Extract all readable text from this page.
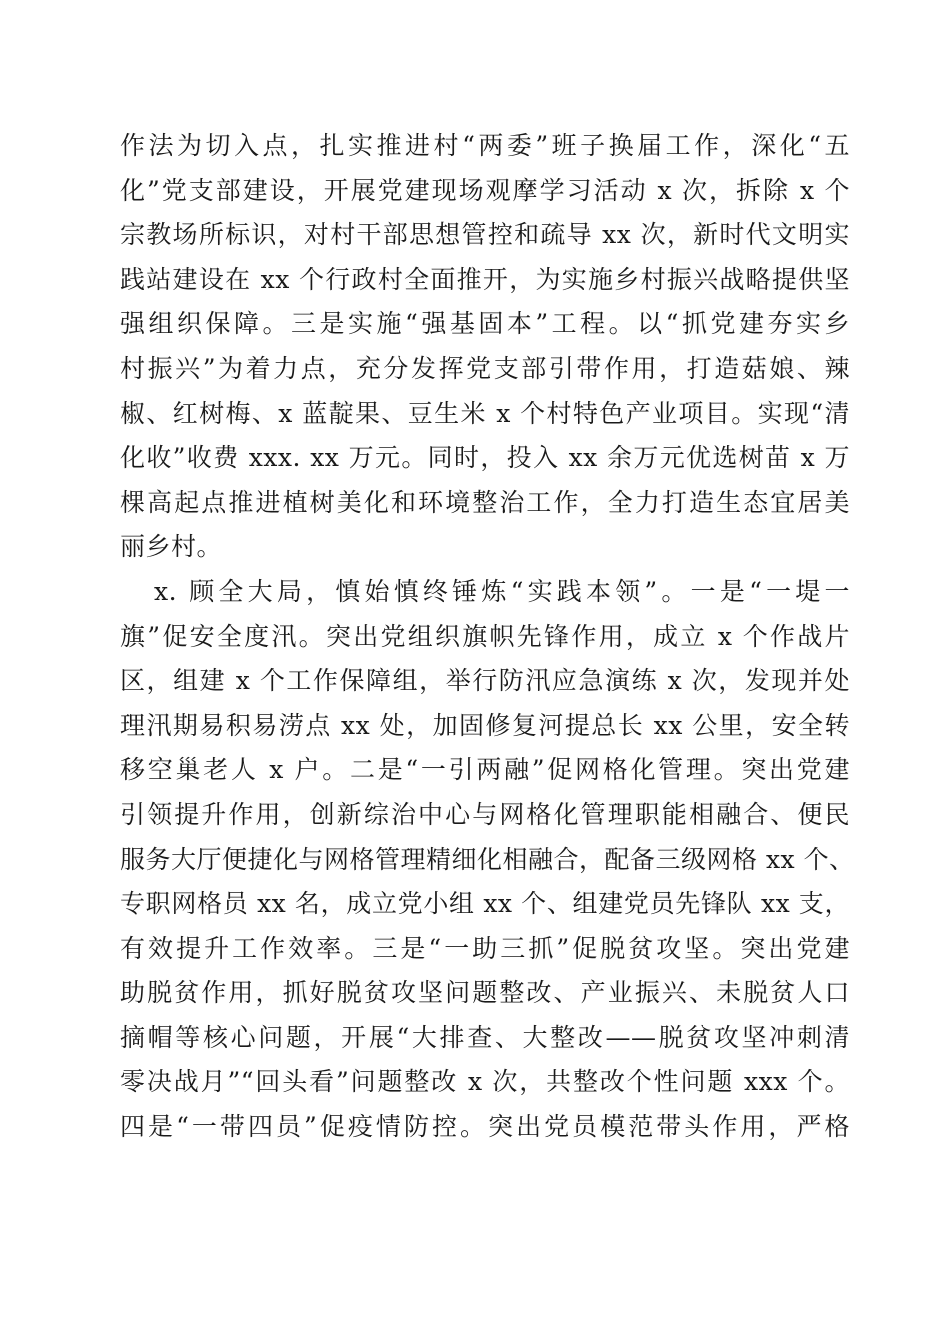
作法为切入点，扎实推进村“两委”班子换届工作，深化“五
化”党支部建设，开展党建现场观摩学习活动 x 次，拆除 x 个
宗教场所标识，对村干部思想管控和疏导 xx 次，新时代文明实
践站建设在 xx 个行政村全面推开，为实施乡村振兴战略提供坚
强组织保障。三是实施“强基固本”工程。以“抓党建夯实乡
村振兴”为着力点，充分发挥党支部引带作用，打造菇娘、辣
椒、红树梅、x 蓝靛果、豆生米 x 个村特色产业项目。实现“清
化收”收费 xxx. xx 万元。同时，投入 xx 余万元优选树苗 x 万
棵高起点推进植树美化和环境整治工作，全力打造生态宜居美
丽乡村。
x. 顾全大局，慎始慎终锤炼“实践本领”。一是“一堤一
旗”促安全度汛。突出党组织旗帜先锋作用，成立 x 个作战片
区，组建 x 个工作保障组，举行防汛应急演练 x 次，发现并处
理汛期易积易涝点 xx 处，加固修复河提总长 xx 公里，安全转
移空巢老人 x 户。二是“一引两融”促网格化管理。突出党建
引领提升作用，创新综治中心与网格化管理职能相融合、便民
服务大厅便捷化与网格管理精细化相融合，配备三级网格 xx 个、
专职网格员 xx 名，成立党小组 xx 个、组建党员先锋队 xx 支，
有效提升工作效率。三是“一助三抓”促脱贫攻坚。突出党建
助脱贫作用，抓好脱贫攻坚问题整改、产业振兴、未脱贫人口
摘帽等核心问题，开展“大排查、大整改——脱贫攻坚冲刺清
零决战月”“回头看”问题整改 x 次，共整改个性问题 xxx 个。
四是“一带四员”促疫情防控。突出党员模范带头作用，严格
